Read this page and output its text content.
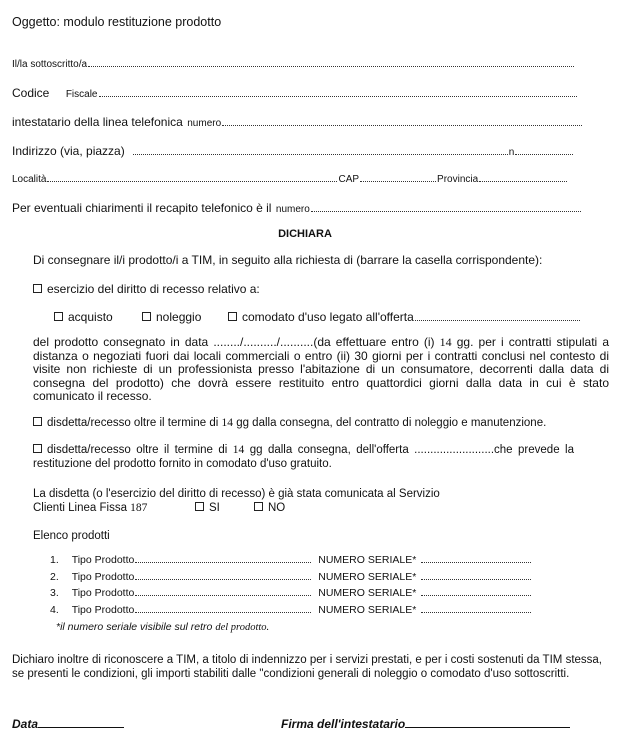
Oggetto: modulo restituzione prodotto
Il/la sottoscritto/a
Codice Fiscale
intestatario della linea telefonica numero
Indirizzo (via, piazza)	n
Località	CAP	Provincia
Per eventuali chiarimenti il recapito telefonico è il numero
DICHIARA
Di consegnare il/i prodotto/i a TIM, in seguito alla richiesta di (barrare la casella corrispondente):
esercizio del diritto di recesso relativo a:
acquisto	noleggio	comodato d'uso legato all'offerta
del prodotto consegnato in data ......../........../..........(da effettuare entro (i) 14 gg. per i contratti stipulati a distanza o negoziati fuori dai locali commerciali o entro (ii) 30 giorni per i contratti conclusi nel contesto di visite non richieste di un professionista presso l'abitazione di un consumatore, decorrenti dalla data di consegna del prodotto) che dovrà essere restituito entro quattordici giorni dalla data in cui è stato comunicato il recesso.
disdetta/recesso oltre il termine di 14 gg dalla consegna, del contratto di noleggio e manutenzione.
disdetta/recesso oltre il termine di 14 gg dalla consegna, dell'offerta .........................che prevede la restituzione del prodotto fornito in comodato d'uso gratuito.
La disdetta (o l'esercizio del diritto di recesso) è già stata comunicata al Servizio
Clienti Linea Fissa 187	SI	NO
Elenco prodotti
1. Tipo Prodotto	NUMERO SERIALE*
2. Tipo Prodotto	NUMERO SERIALE*
3. Tipo Prodotto	NUMERO SERIALE*
4. Tipo Prodotto	NUMERO SERIALE*
*il numero seriale visibile sul retro del prodotto.
Dichiaro inoltre di riconoscere a TIM, a titolo di indennizzo per i servizi prestati, e per i costi sostenuti da TIM stessa, se presenti le condizioni, gli importi stabiliti dalle "condizioni generali di noleggio o comodato d'uso sottoscritti.
Data	Firma dell'intestatario
